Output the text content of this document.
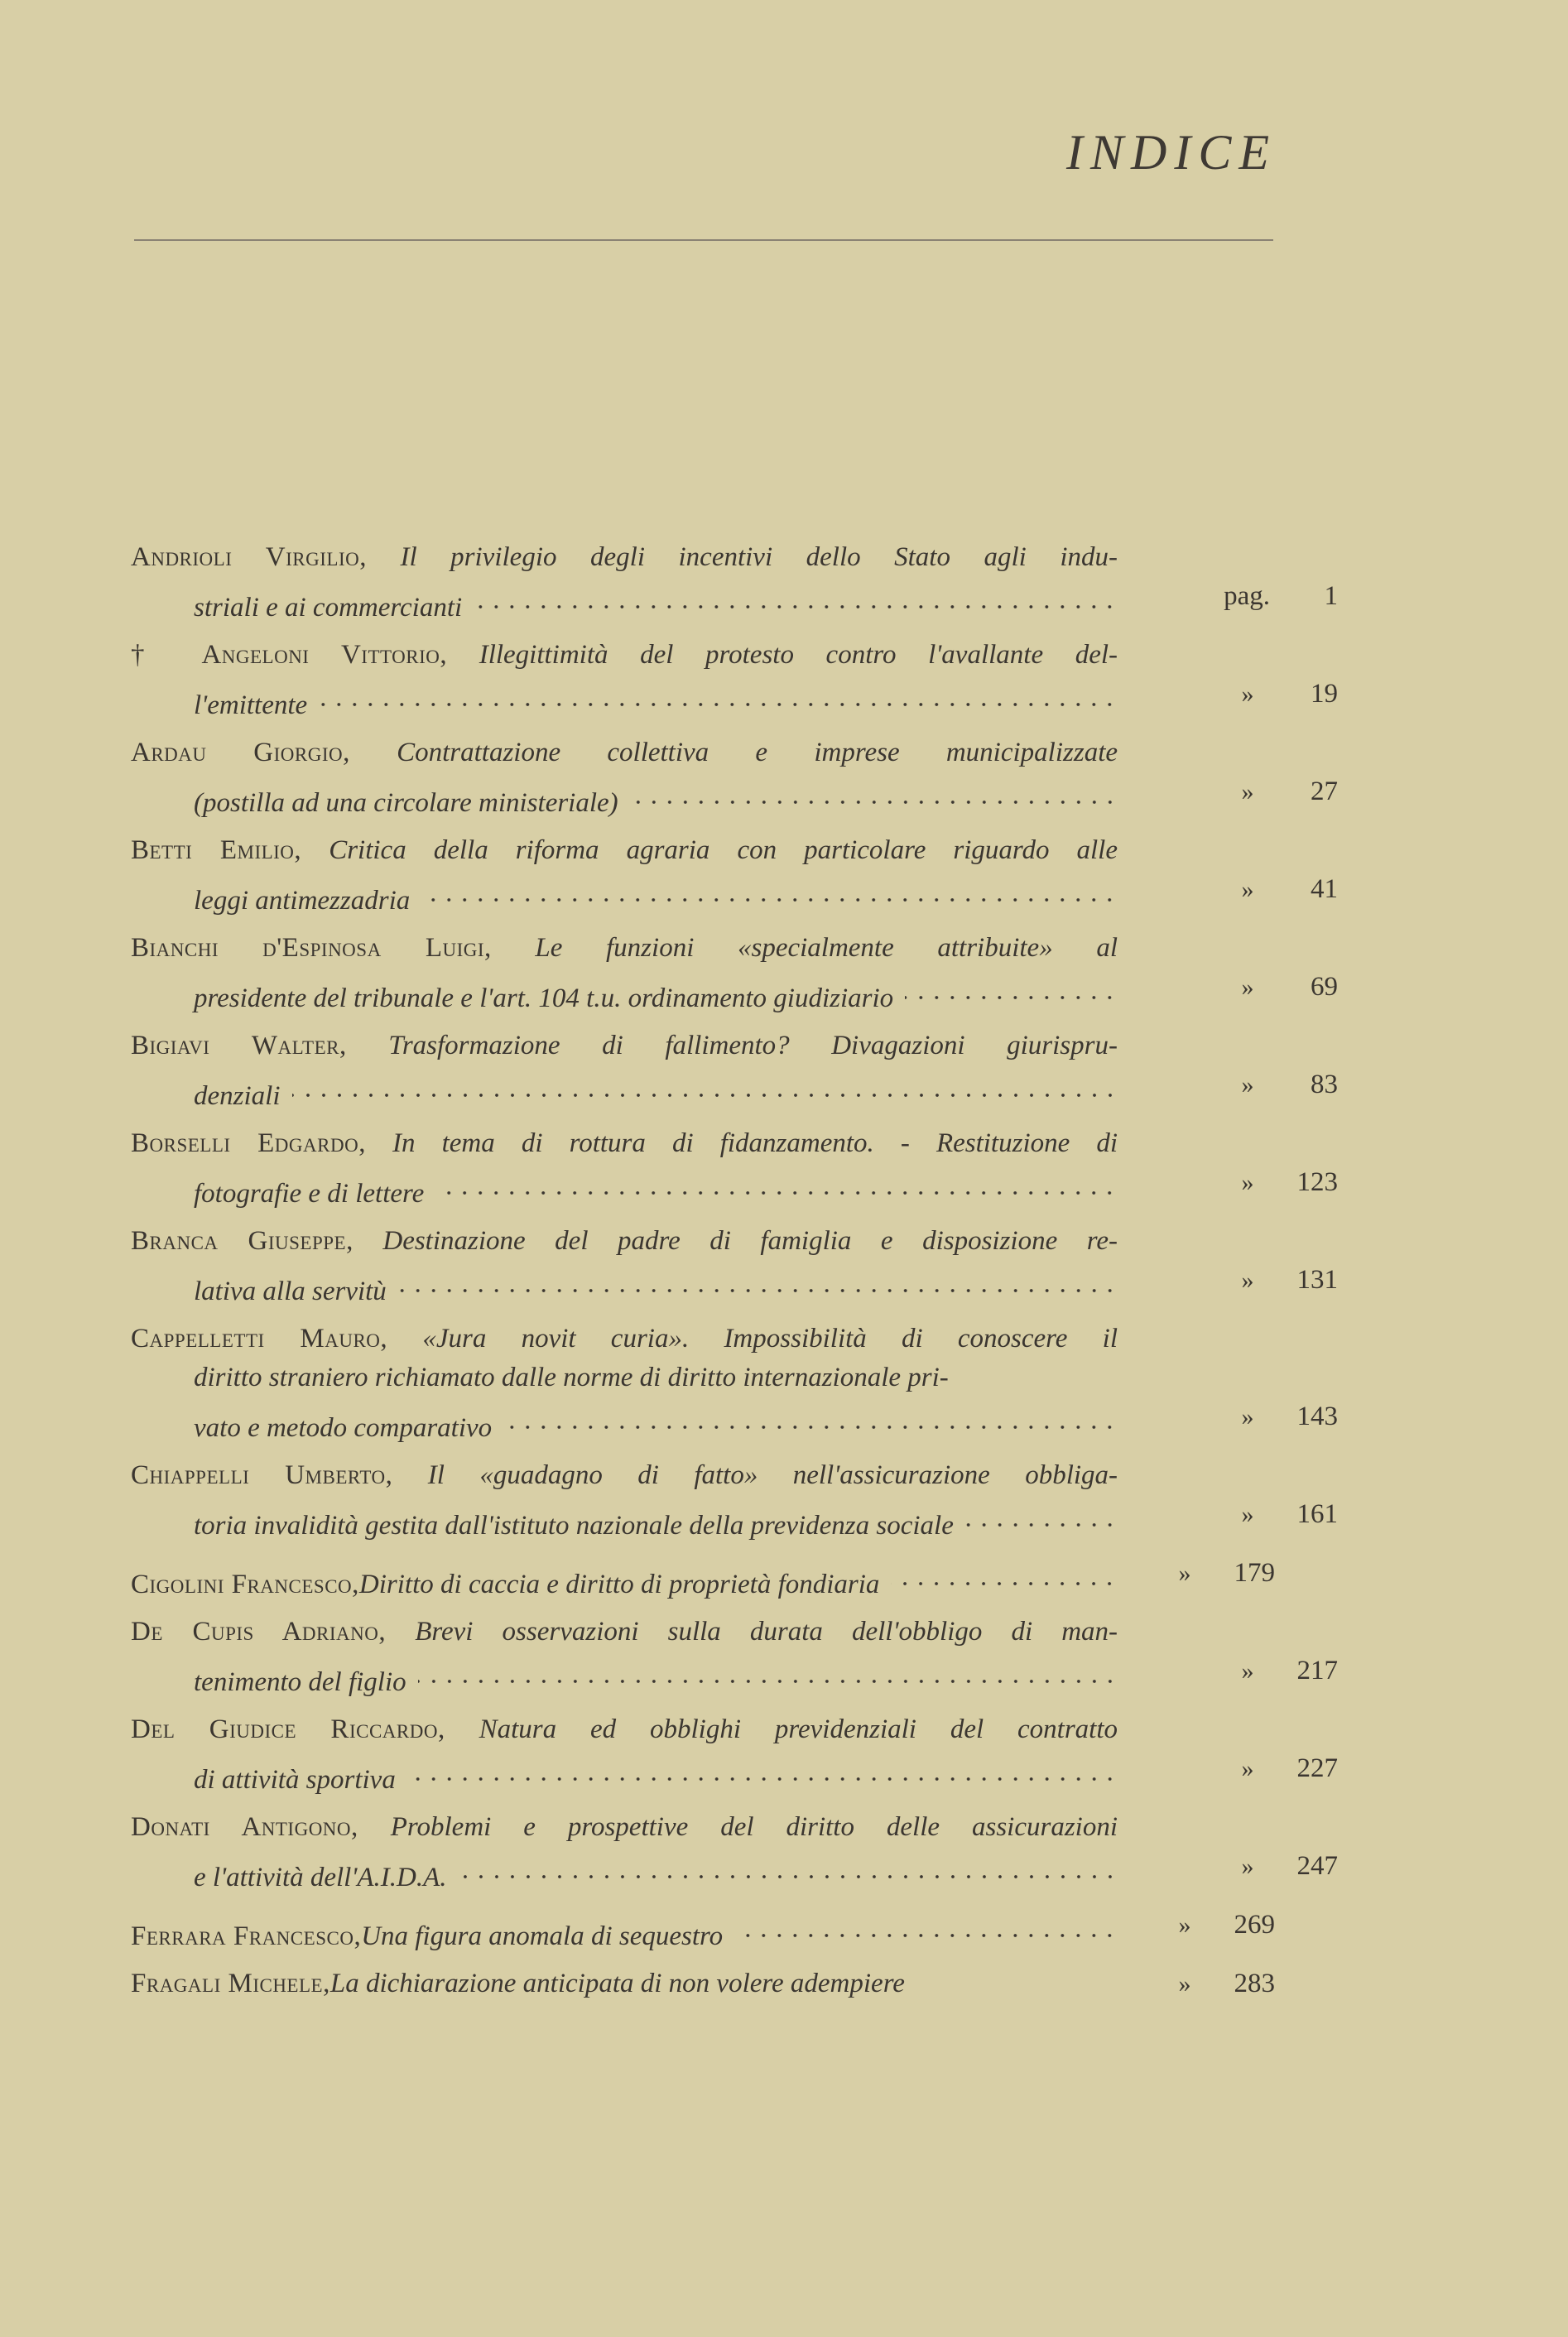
INDICE
Andrioli Virgilio, Il privilegio degli incentivi dello Stato agli indu-
striali e ai commercianti	pag.	1
† Angeloni Vittorio, Illegittimità del protesto contro l'avallante del-
l'emittente	»	19
Ardau Giorgio, Contrattazione collettiva e imprese municipalizzate
(postilla ad una circolare ministeriale)	»	27
Betti Emilio, Critica della riforma agraria con particolare riguardo alle
leggi antimezzadria	»	41
Bianchi d'Espinosa Luigi, Le funzioni «specialmente attribuite» al
presidente del tribunale e l'art. 104 t.u. ordinamento giudiziario	»	69
Bigiavi Walter, Trasformazione di fallimento? Divagazioni giurispru-
denziali	»	83
Borselli Edgardo, In tema di rottura di fidanzamento. - Restituzione di
fotografie e di lettere	»	123
Branca Giuseppe, Destinazione del padre di famiglia e disposizione re-
lativa alla servitù	»	131
Cappelletti Mauro, «Jura novit curia». Impossibilità di conoscere il
diritto straniero richiamato dalle norme di diritto internazionale pri-
vato e metodo comparativo	»	143
Chiappelli Umberto, Il «guadagno di fatto» nell'assicurazione obbliga-
toria invalidità gestita dall'istituto nazionale della previdenza sociale	»	161
Cigolini Francesco, Diritto di caccia e diritto di proprietà fondiaria	»	179
De Cupis Adriano, Brevi osservazioni sulla durata dell'obbligo di man-
tenimento del figlio	»	217
Del Giudice Riccardo, Natura ed obblighi previdenziali del contratto
di attività sportiva	»	227
Donati Antigono, Problemi e prospettive del diritto delle assicurazioni
e l'attività dell'A.I.D.A.	»	247
Ferrara Francesco, Una figura anomala di sequestro	»	269
Fragali Michele, La dichiarazione anticipata di non volere adempiere	»	283
